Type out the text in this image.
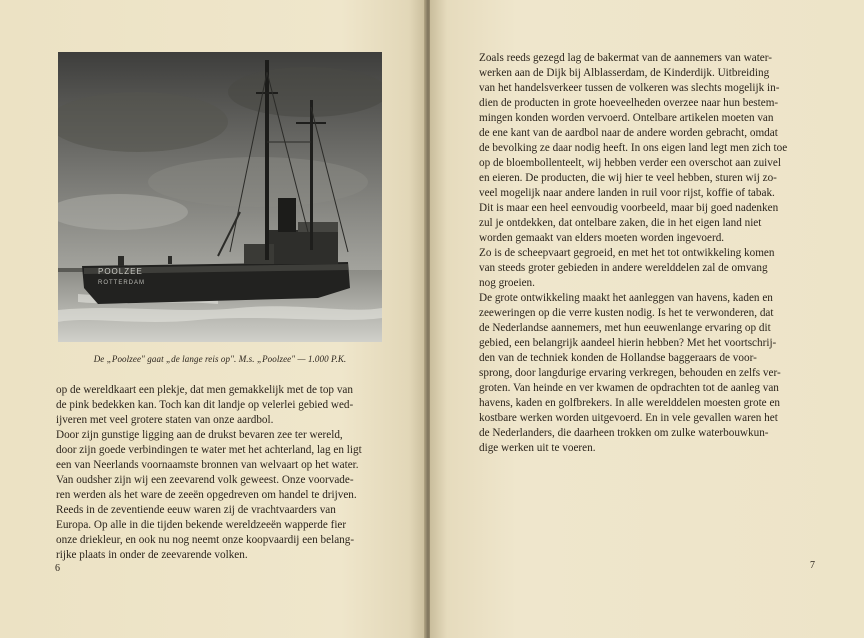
POOLZEE
ROTTERDAM
De „Poolzee" gaat „de lange reis op". M.s. „Poolzee" — 1.000 P.K.
op de wereldkaart een plekje, dat men gemakkelijk met de top van
de pink bedekken kan. Toch kan dit landje op velerlei gebied wed-
ijveren met veel grotere staten van onze aardbol.
Door zijn gunstige ligging aan de drukst bevaren zee ter wereld,
door zijn goede verbindingen te water met het achterland, lag en ligt
een van Neerlands voornaamste bronnen van welvaart op het water.
Van oudsher zijn wij een zeevarend volk geweest. Onze voorvade-
ren werden als het ware de zeeën opgedreven om handel te drijven.
Reeds in de zeventiende eeuw waren zij de vrachtvaarders van
Europa. Op alle in die tijden bekende wereldzeeën wapperde fier
onze driekleur, en ook nu nog neemt onze koopvaardij een belang-
rijke plaats in onder de zeevarende volken.
6
Zoals reeds gezegd lag de bakermat van de aannemers van water-
werken aan de Dijk bij Alblasserdam, de Kinderdijk. Uitbreiding
van het handelsverkeer tussen de volkeren was slechts mogelijk in-
dien de producten in grote hoeveelheden overzee naar hun bestem-
mingen konden worden vervoerd. Ontelbare artikelen moeten van
de ene kant van de aardbol naar de andere worden gebracht, omdat
de bevolking ze daar nodig heeft. In ons eigen land legt men zich toe
op de bloembollenteelt, wij hebben verder een overschot aan zuivel
en eieren. De producten, die wij hier te veel hebben, sturen wij zo-
veel mogelijk naar andere landen in ruil voor rijst, koffie of tabak.
Dit is maar een heel eenvoudig voorbeeld, maar bij goed nadenken
zul je ontdekken, dat ontelbare zaken, die in het eigen land niet
worden gemaakt van elders moeten worden ingevoerd.
Zo is de scheepvaart gegroeid, en met het tot ontwikkeling komen
van steeds groter gebieden in andere werelddelen zal de omvang
nog groeien.
De grote ontwikkeling maakt het aanleggen van havens, kaden en
zeeweringen op die verre kusten nodig. Is het te verwonderen, dat
de Nederlandse aannemers, met hun eeuwenlange ervaring op dit
gebied, een belangrijk aandeel hierin hebben? Met het voortschrij-
den van de techniek konden de Hollandse baggeraars de voor-
sprong, door langdurige ervaring verkregen, behouden en zelfs ver-
groten. Van heinde en ver kwamen de opdrachten tot de aanleg van
havens, kaden en golfbrekers. In alle werelddelen moesten grote en
kostbare werken worden uitgevoerd. En in vele gevallen waren het
de Nederlanders, die daarheen trokken om zulke waterbouwkun-
dige werken uit te voeren.
7
